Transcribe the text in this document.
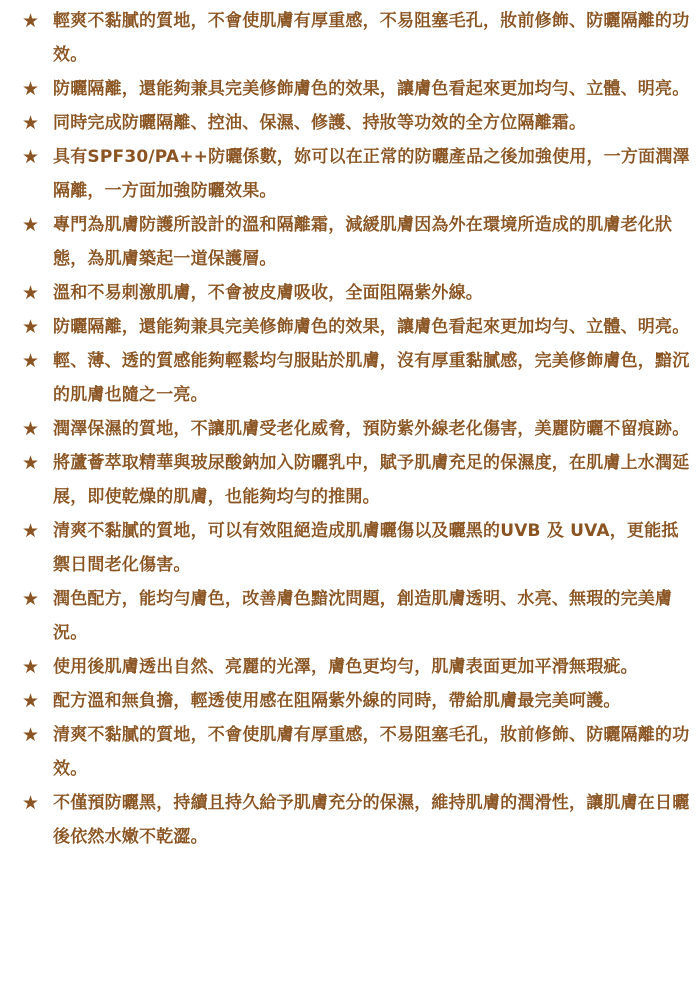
★ 輕爽不黏膩的質地，不會使肌膚有厚重感，不易阻塞毛孔，妝前修飾、防曬隔離的功效。

★ 防曬隔離，還能夠兼具完美修飾膚色的效果，讓膚色看起來更加均勻、立體、明亮。

★ 同時完成防曬隔離、控油、保濕、修護、持妝等功效的全方位隔離霜。

★ 具有SPF30/PA++防曬係數，妳可以在正常的防曬產品之後加強使用，一方面潤澤隔離，一方面加強防曬效果。

★ 專門為肌膚防護所設計的溫和隔離霜，減緩肌膚因為外在環境所造成的肌膚老化狀態，為肌膚築起一道保護層。

★ 溫和不易刺激肌膚，不會被皮膚吸收，全面阻隔紫外線。

★ 防曬隔離，還能夠兼具完美修飾膚色的效果，讓膚色看起來更加均勻、立體、明亮。

★ 輕、薄、透的質感能夠輕鬆均勻服貼於肌膚，沒有厚重黏膩感，完美修飾膚色，黯沉的肌膚也隨之一亮。

★ 潤澤保濕的質地，不讓肌膚受老化威脅，預防紫外線老化傷害，美麗防曬不留痕跡。

★ 將蘆薈萃取精華與玻尿酸鈉加入防曬乳中，賦予肌膚充足的保濕度，在肌膚上水潤延展，即使乾燥的肌膚，也能夠均勻的推開。

★ 清爽不黏膩的質地，可以有效阻絕造成肌膚曬傷以及曬黑的UVB 及 UVA，更能抵禦日間老化傷害。

★ 潤色配方，能均勻膚色，改善膚色黯沈問題，創造肌膚透明、水亮、無瑕的完美膚況。

★ 使用後肌膚透出自然、亮麗的光澤，膚色更均勻，肌膚表面更加平滑無瑕疵。

★ 配方溫和無負擔，輕透使用感在阻隔紫外線的同時，帶給肌膚最完美呵護。

★ 清爽不黏膩的質地，不會使肌膚有厚重感，不易阻塞毛孔，妝前修飾、防曬隔離的功效。

★ 不僅預防曬黑，持續且持久給予肌膚充分的保濕，維持肌膚的潤滑性，讓肌膚在日曬後依然水嫩不乾澀。
